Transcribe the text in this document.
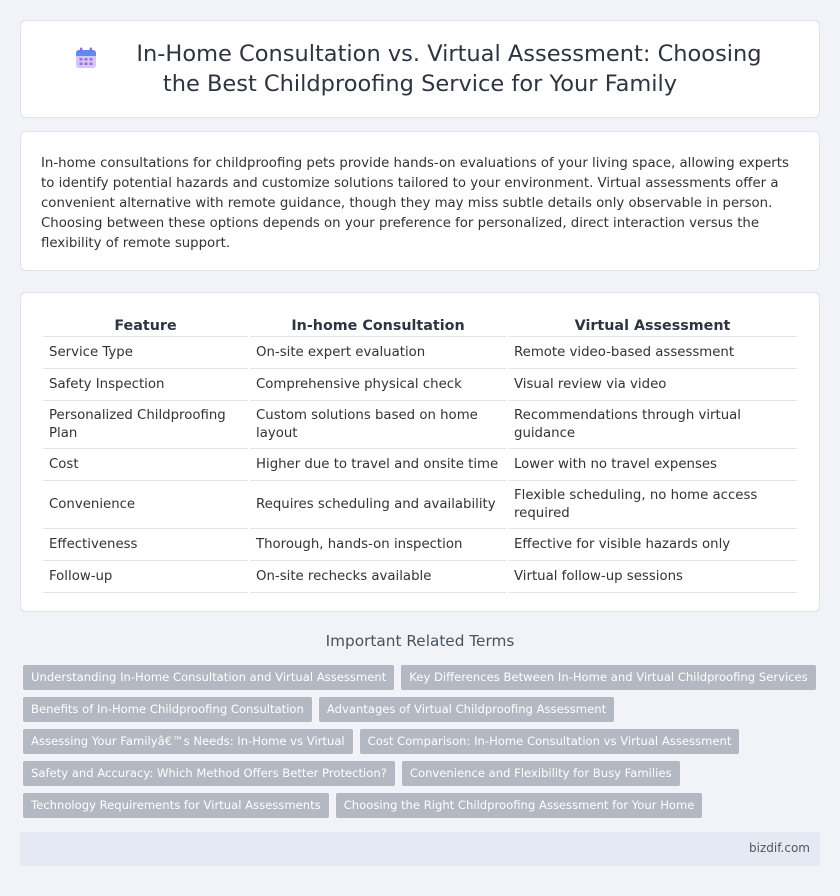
In-Home Consultation vs. Virtual Assessment: Choosing the Best Childproofing Service for Your Family

In-home consultations for childproofing pets provide hands-on evaluations of your living space, allowing experts to identify potential hazards and customize solutions tailored to your environment. Virtual assessments offer a convenient alternative with remote guidance, though they may miss subtle details only observable in person. Choosing between these options depends on your preference for personalized, direct interaction versus the flexibility of remote support.

Feature	In-home Consultation	Virtual Assessment
Service Type	On-site expert evaluation	Remote video-based assessment
Safety Inspection	Comprehensive physical check	Visual review via video
Personalized Childproofing Plan	Custom solutions based on home layout	Recommendations through virtual guidance
Cost	Higher due to travel and onsite time	Lower with no travel expenses
Convenience	Requires scheduling and availability	Flexible scheduling, no home access required
Effectiveness	Thorough, hands-on inspection	Effective for visible hazards only
Follow-up	On-site rechecks available	Virtual follow-up sessions
Important Related Terms
Understanding In-Home Consultation and Virtual Assessment	Key Differences Between In-Home and Virtual Childproofing Services
Benefits of In-Home Childproofing Consultation	Advantages of Virtual Childproofing Assessment
Assessing Your Familyâ€™s Needs: In-Home vs Virtual	Cost Comparison: In-Home Consultation vs Virtual Assessment
Safety and Accuracy: Which Method Offers Better Protection?	Convenience and Flexibility for Busy Families
Technology Requirements for Virtual Assessments	Choosing the Right Childproofing Assessment for Your Home
bizdif.com
